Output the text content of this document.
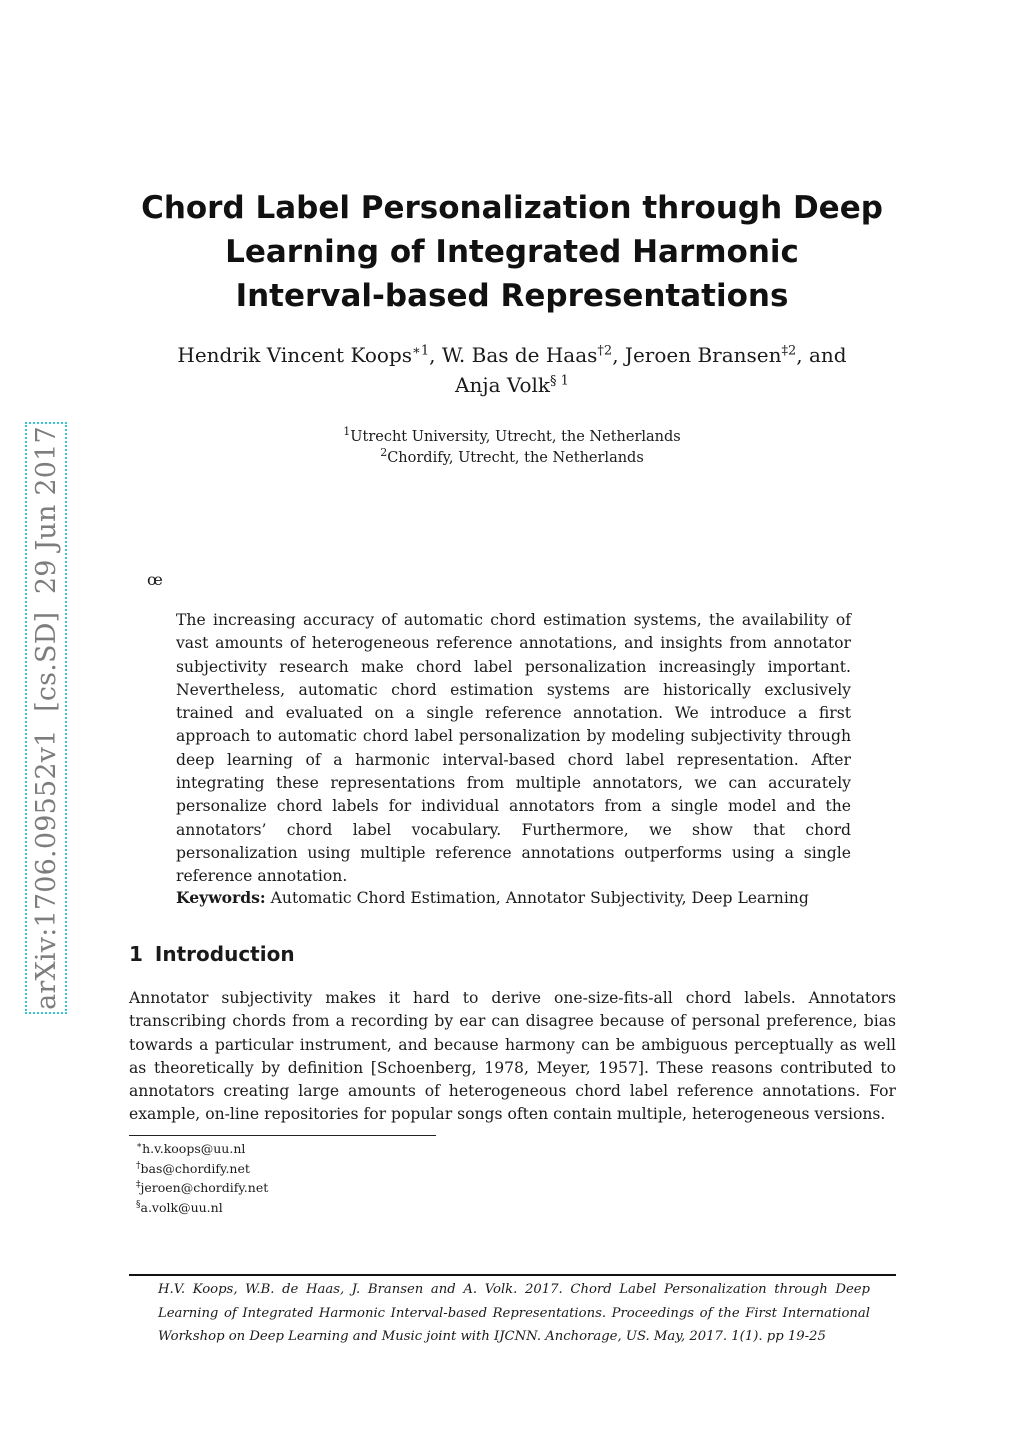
Chord Label Personalization through Deep
Learning of Integrated Harmonic
Interval-based Representations
Hendrik Vincent Koops$^{∗1}$, W. Bas de Haas$^{\dagger 2}$, Jeroen Bransen$^{\ddagger 2}$, and
Anja Volk$^{\S 1}$
$^1$Utrecht University, Utrecht, the Netherlands
$^2$Chordify, Utrecht, the Netherlands
œ

The increasing accuracy of automatic chord estimation systems, the availability of vast amounts of heterogeneous reference annotations, and insights from annotator subjectivity research make chord label personalization increasingly important. Nevertheless, automatic chord estimation systems are historically exclusively trained and evaluated on a single reference annotation. We introduce a first approach to automatic chord label personalization by modeling subjectivity through deep learning of a harmonic interval-based chord label representation. After integrating these representations from multiple annotators, we can accurately personalize chord labels for individual annotators from a single model and the annotators’ chord label vocabulary. Furthermore, we show that chord personalization using multiple reference annotations outperforms using a single reference annotation.

Keywords: Automatic Chord Estimation, Annotator Subjectivity, Deep Learning
1 Introduction

Annotator subjectivity makes it hard to derive one-size-fits-all chord labels. Annotators transcribing chords from a recording by ear can disagree because of personal preference, bias towards a particular instrument, and because harmony can be ambiguous perceptually as well as theoretically by definition [Schoenberg, 1978, Meyer, 1957]. These reasons contributed to annotators creating large amounts of heterogeneous chord label reference annotations. For example, on-line repositories for popular songs often contain multiple, heterogeneous versions.

∗h.v.koops@uu.nl
†bas@chordify.net
‡jeroen@chordify.net
§a.volk@uu.nl

H.V. Koops, W.B. de Haas, J. Bransen and A. Volk. 2017. Chord Label Personalization through Deep Learning of Integrated Harmonic Interval-based Representations. Proceedings of the First International Workshop on Deep Learning and Music joint with IJCNN. Anchorage, US. May, 2017. 1(1). pp 19-25

arXiv:1706.09552v1  [cs.SD]  29 Jun 2017
